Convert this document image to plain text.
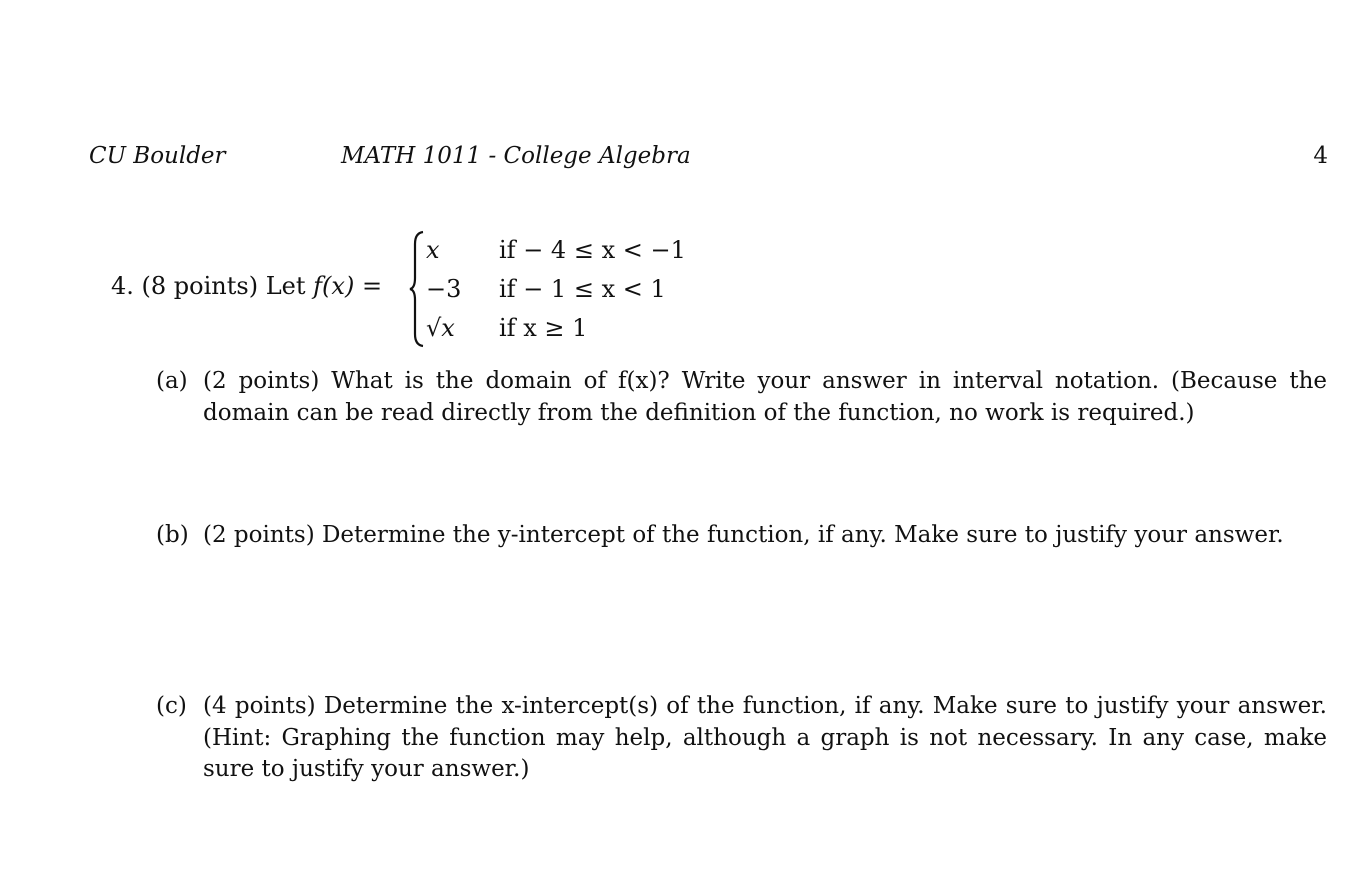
CU Boulder	MATH 1011 - College Algebra	4
4. (8 points) Let f(x) =
x if − 4 ≤ x < −1
−3 if − 1 ≤ x < 1
√x if x ≥ 1
(a) (2 points) What is the domain of f(x)? Write your answer in interval notation. (Because the domain can be read directly from the definition of the function, no work is required.)
(b) (2 points) Determine the y-intercept of the function, if any. Make sure to justify your answer.
(c) (4 points) Determine the x-intercept(s) of the function, if any. Make sure to justify your answer. (Hint: Graphing the function may help, although a graph is not necessary. In any case, make sure to justify your answer.)
